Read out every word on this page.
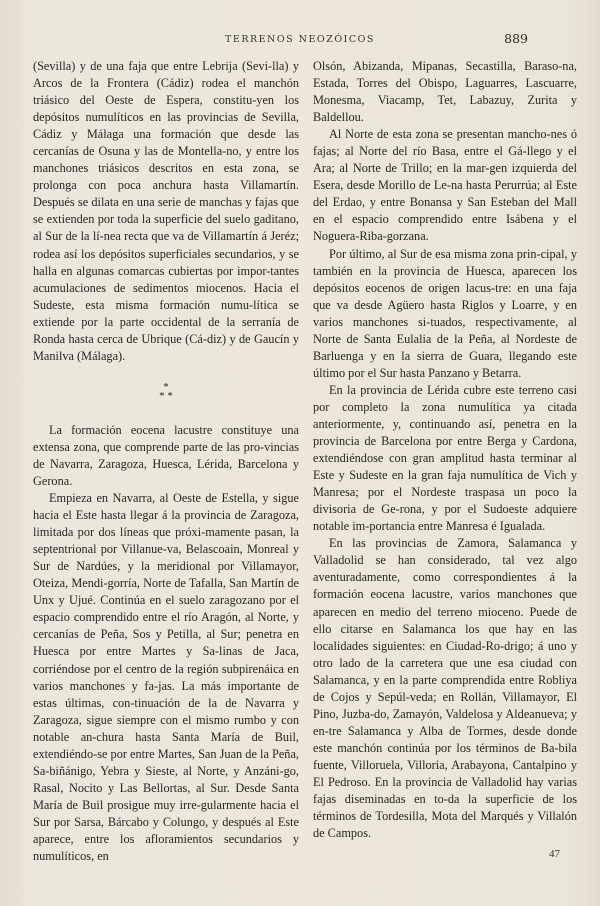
TERRENOS NEOZÓICOS	889

(Sevilla) y de una faja que entre Lebrija (Sevi-lla) y Arcos de la Frontera (Cádiz) rodea el manchón triásico del Oeste de Espera, constitu-yen los depósitos numulíticos en las provincias de Sevilla, Cádiz y Málaga una formación que desde las cercanías de Osuna y las de Montella-no, y entre los manchones triásicos descritos en esta zona, se prolonga con poca anchura hasta Villamartín. Después se dilata en una serie de manchas y fajas que se extienden por toda la superficie del suelo gaditano, al Sur de la lí-nea recta que va de Villamartín á Jeréz; rodea así los depósitos superficiales secundarios, y se halla en algunas comarcas cubiertas por impor-tantes acumulaciones de sedimentos miocenos. Hacia el Sudeste, esta misma formación numu-lítica se extiende por la parte occidental de la serranía de Ronda hasta cerca de Ubrique (Cá-diz) y de Gaucín y Manilva (Málaga).

*
* *

La formación eocena lacustre constituye una extensa zona, que comprende parte de las pro-vincias de Navarra, Zaragoza, Huesca, Lérida, Barcelona y Gerona.

Empieza en Navarra, al Oeste de Estella, y sigue hacia el Este hasta llegar á la provincia de Zaragoza, limitada por dos líneas que próxi-mamente pasan, la septentrional por Villanue-va, Belascoain, Monreal y Sur de Nardúes, y la meridional por Villamayor, Oteiza, Mendi-gorría, Norte de Tafalla, San Martín de Unx y Ujué. Continúa en el suelo zaragozano por el espacio comprendido entre el río Aragón, al Norte, y cercanías de Peña, Sos y Petilla, al Sur; penetra en Huesca por entre Martes y Sa-linas de Jaca, corriéndose por el centro de la región subpirenáica en varios manchones y fa-jas. La más importante de estas últimas, con-tinuación de la de Navarra y Zaragoza, sigue siempre con el mismo rumbo y con notable an-chura hasta Santa María de Buil, extendiéndo-se por entre Martes, San Juan de la Peña, Sa-biñánigo, Yebra y Sieste, al Norte, y Anzáni-go, Rasal, Nocito y Las Bellortas, al Sur. Desde Santa María de Buil prosigue muy irre-gularmente hacia el Sur por Sarsa, Bárcabo y Colungo, y después al Este aparece, entre los afloramientos secundarios y numulíticos, en

Olsón, Abizanda, Mipanas, Secastilla, Baraso-na, Estada, Torres del Obispo, Laguarres, Lascuarre, Monesma, Viacamp, Tet, Labazuy, Zurita y Baldellou.

Al Norte de esta zona se presentan mancho-nes ó fajas; al Norte del río Basa, entre el Gá-llego y el Ara; al Norte de Trillo; en la mar-gen izquierda del Esera, desde Morillo de Le-na hasta Perurrúa; al Este del Erdao, y entre Bonansa y San Esteban del Mall en el espacio comprendido entre Isábena y el Noguera-Riba-gorzana.

Por último, al Sur de esa misma zona prin-cipal, y también en la provincia de Huesca, aparecen los depósitos eocenos de origen lacus-tre: en una faja que va desde Agüero hasta Riglos y Loarre, y en varios manchones si-tuados, respectivamente, al Norte de Santa Eulalia de la Peña, al Nordeste de Barluenga y en la sierra de Guara, llegando este último por el Sur hasta Panzano y Betarra.

En la provincia de Lérida cubre este terreno casi por completo la zona numulítica ya citada anteriormente, y, continuando así, penetra en la provincia de Barcelona por entre Berga y Cardona, extendiéndose con gran amplitud hasta terminar al Este y Sudeste en la gran faja numulítica de Vich y Manresa; por el Nordeste traspasa un poco la divisoria de Ge-rona, y por el Sudoeste adquiere notable im-portancia entre Manresa é Igualada.

En las provincias de Zamora, Salamanca y Valladolid se han considerado, tal vez algo aventuradamente, como correspondientes á la formación eocena lacustre, varios manchones que aparecen en medio del terreno mioceno. Puede de ello citarse en Salamanca los que hay en las localidades siguientes: en Ciudad-Ro-drigo; á uno y otro lado de la carretera que une esa ciudad con Salamanca, y en la parte comprendida entre Robliya de Cojos y Sepúl-veda; en Rollán, Villamayor, El Pino, Juzba-do, Zamayón, Valdelosa y Aldeanueva; y en-tre Salamanca y Alba de Tormes, desde donde este manchón continúa por los términos de Ba-bila fuente, Villoruela, Villoria, Arabayona, Cantalpino y El Pedroso. En la provincia de Valladolid hay varias fajas diseminadas en to-da la superficie de los términos de Tordesilla, Mota del Marqués y Villalón de Campos.

47
